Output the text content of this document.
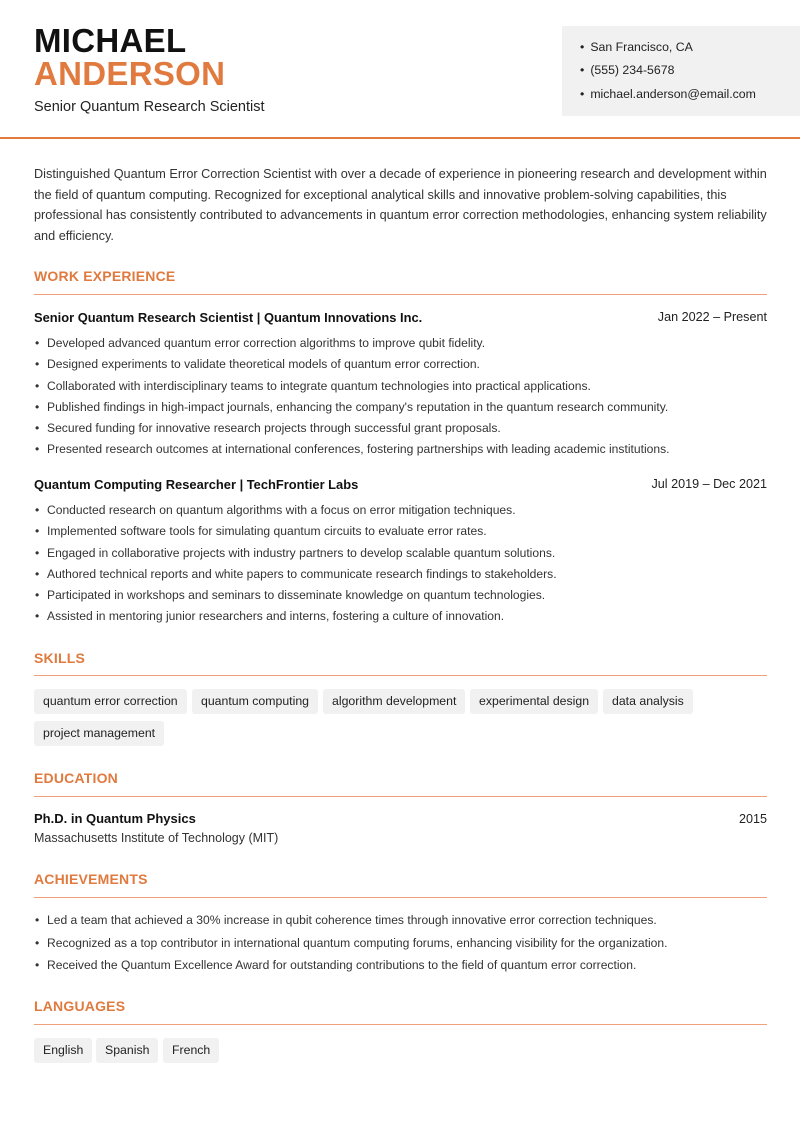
MICHAEL
ANDERSON
Senior Quantum Research Scientist
• San Francisco, CA
• (555) 234-5678
• michael.anderson@email.com
Distinguished Quantum Error Correction Scientist with over a decade of experience in pioneering research and development within the field of quantum computing. Recognized for exceptional analytical skills and innovative problem-solving capabilities, this professional has consistently contributed to advancements in quantum error correction methodologies, enhancing system reliability and efficiency.
WORK EXPERIENCE
Senior Quantum Research Scientist | Quantum Innovations Inc.	Jan 2022 – Present
• Developed advanced quantum error correction algorithms to improve qubit fidelity.
• Designed experiments to validate theoretical models of quantum error correction.
• Collaborated with interdisciplinary teams to integrate quantum technologies into practical applications.
• Published findings in high-impact journals, enhancing the company's reputation in the quantum research community.
• Secured funding for innovative research projects through successful grant proposals.
• Presented research outcomes at international conferences, fostering partnerships with leading academic institutions.
Quantum Computing Researcher | TechFrontier Labs	Jul 2019 – Dec 2021
• Conducted research on quantum algorithms with a focus on error mitigation techniques.
• Implemented software tools for simulating quantum circuits to evaluate error rates.
• Engaged in collaborative projects with industry partners to develop scalable quantum solutions.
• Authored technical reports and white papers to communicate research findings to stakeholders.
• Participated in workshops and seminars to disseminate knowledge on quantum technologies.
• Assisted in mentoring junior researchers and interns, fostering a culture of innovation.
SKILLS
quantum error correction	quantum computing	algorithm development	experimental design	data analysis
project management
EDUCATION
Ph.D. in Quantum Physics	2015
Massachusetts Institute of Technology (MIT)
ACHIEVEMENTS
• Led a team that achieved a 30% increase in qubit coherence times through innovative error correction techniques.
• Recognized as a top contributor in international quantum computing forums, enhancing visibility for the organization.
• Received the Quantum Excellence Award for outstanding contributions to the field of quantum error correction.
LANGUAGES
English	Spanish	French
